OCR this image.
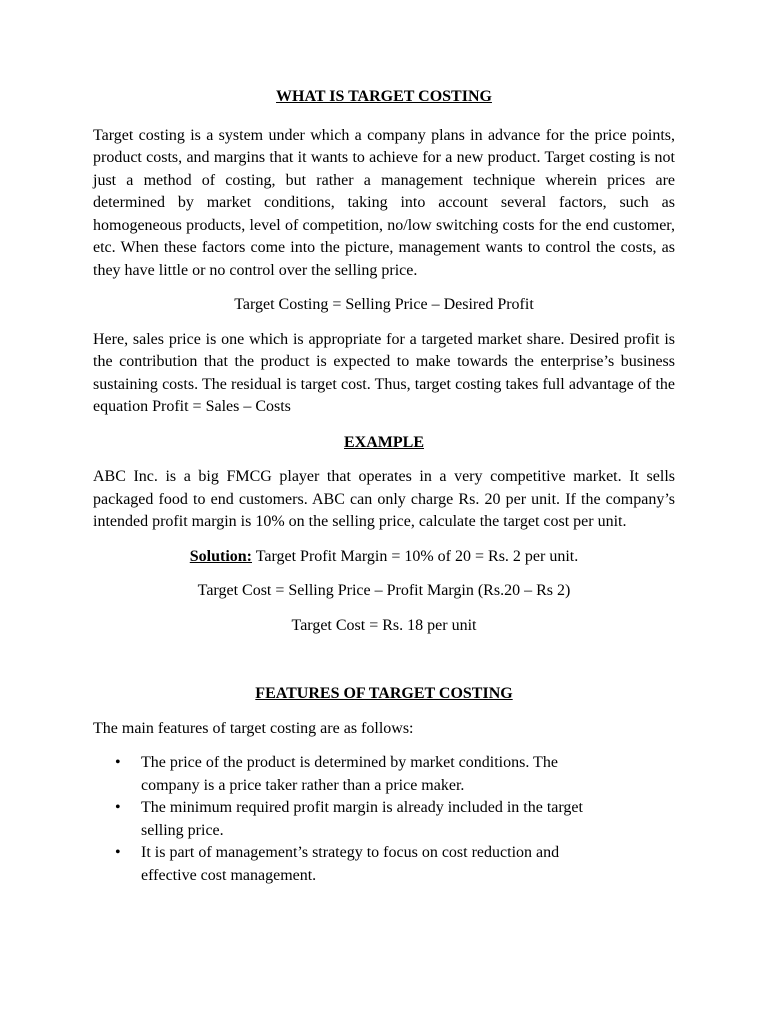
WHAT IS TARGET COSTING

Target costing is a system under which a company plans in advance for the price points, product costs, and margins that it wants to achieve for a new product. Target costing is not just a method of costing, but rather a management technique wherein prices are determined by market conditions, taking into account several factors, such as homogeneous products, level of competition, no/low switching costs for the end customer, etc. When these factors come into the picture, management wants to control the costs, as they have little or no control over the selling price.

Target Costing = Selling Price – Desired Profit

Here, sales price is one which is appropriate for a targeted market share. Desired profit is the contribution that the product is expected to make towards the enterprise’s business sustaining costs. The residual is target cost. Thus, target costing takes full advantage of the equation Profit = Sales – Costs

EXAMPLE

ABC Inc. is a big FMCG player that operates in a very competitive market. It sells packaged food to end customers. ABC can only charge Rs. 20 per unit. If the company’s intended profit margin is 10% on the selling price, calculate the target cost per unit.

Solution: Target Profit Margin = 10% of 20 = Rs. 2 per unit.

Target Cost = Selling Price – Profit Margin (Rs.20 – Rs 2)

Target Cost = Rs. 18 per unit

FEATURES OF TARGET COSTING

The main features of target costing are as follows:

• The price of the product is determined by market conditions. The company is a price taker rather than a price maker.
• The minimum required profit margin is already included in the target selling price.
• It is part of management’s strategy to focus on cost reduction and effective cost management.
